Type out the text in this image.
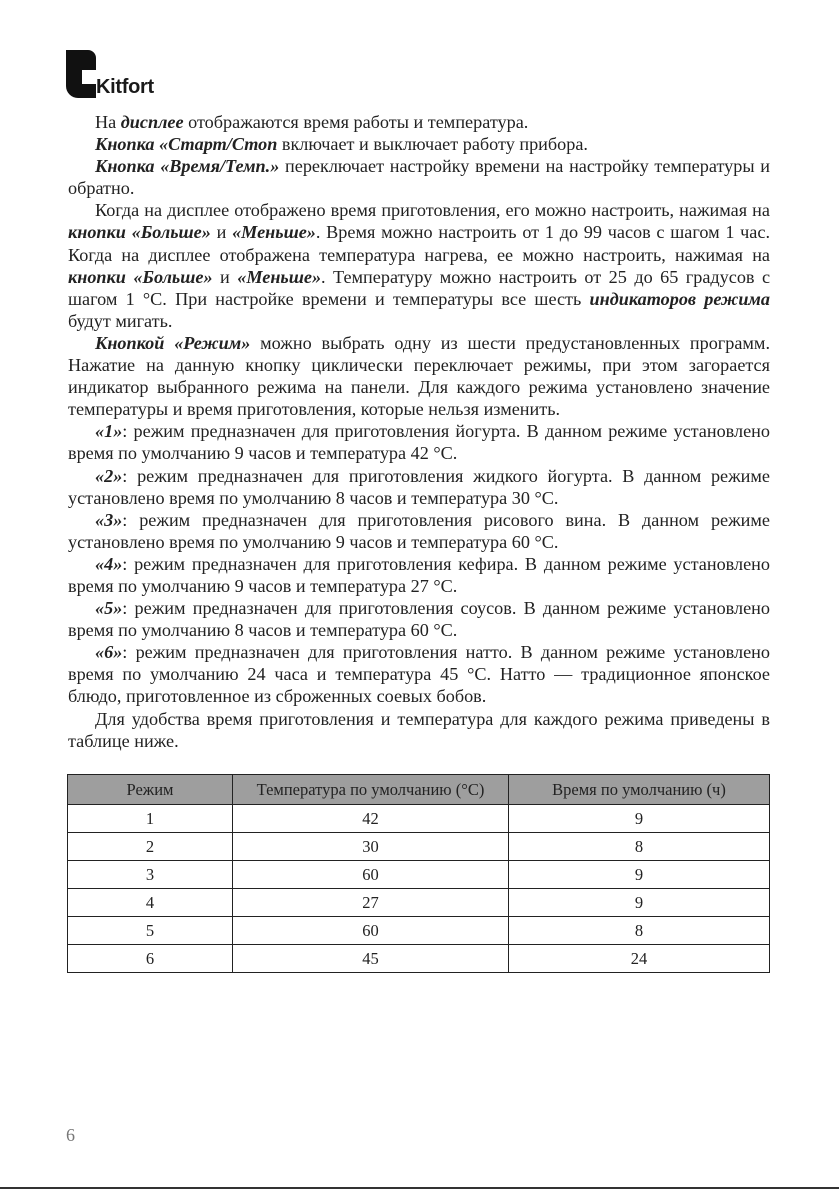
Kitfort

На дисплее отображаются время работы и температура.

Кнопка «Старт/Стоп включает и выключает работу прибора.

Кнопка «Время/Темп.» переключает настройку времени на настройку температуры и обратно.

Когда на дисплее отображено время приготовления, его можно настроить, нажимая на кнопки «Больше» и «Меньше». Время можно настроить от 1 до 99 часов с шагом 1 час. Когда на дисплее отображена температура нагрева, ее можно настроить, нажимая на кнопки «Больше» и «Меньше». Температуру можно настроить от 25 до 65 градусов с шагом 1 °C. При настройке времени и температуры все шесть индикаторов режима будут мигать.

Кнопкой «Режим» можно выбрать одну из шести предустановленных программ. Нажатие на данную кнопку циклически переключает режимы, при этом загорается индикатор выбранного режима на панели. Для каждого режима установлено значение температуры и время приготовления, которые нельзя изменить.

«1»: режим предназначен для приготовления йогурта. В данном режиме установлено время по умолчанию 9 часов и температура 42 °C.

«2»: режим предназначен для приготовления жидкого йогурта. В данном режиме установлено время по умолчанию 8 часов и температура 30 °C.

«3»: режим предназначен для приготовления рисового вина. В данном режиме установлено время по умолчанию 9 часов и температура 60 °C.

«4»: режим предназначен для приготовления кефира. В данном режиме установлено время по умолчанию 9 часов и температура 27 °C.

«5»: режим предназначен для приготовления соусов. В данном режиме установлено время по умолчанию 8 часов и температура 60 °C.

«6»: режим предназначен для приготовления натто. В данном режиме установлено время по умолчанию 24 часа и температура 45 °C. Натто — традиционное японское блюдо, приготовленное из сброженных соевых бобов.

Для удобства время приготовления и температура для каждого режима приведены в таблице ниже.

Режим	Температура по умолчанию (°C)	Время по умолчанию (ч)
1	42	9
2	30	8
3	60	9
4	27	9
5	60	8
6	45	24
6
